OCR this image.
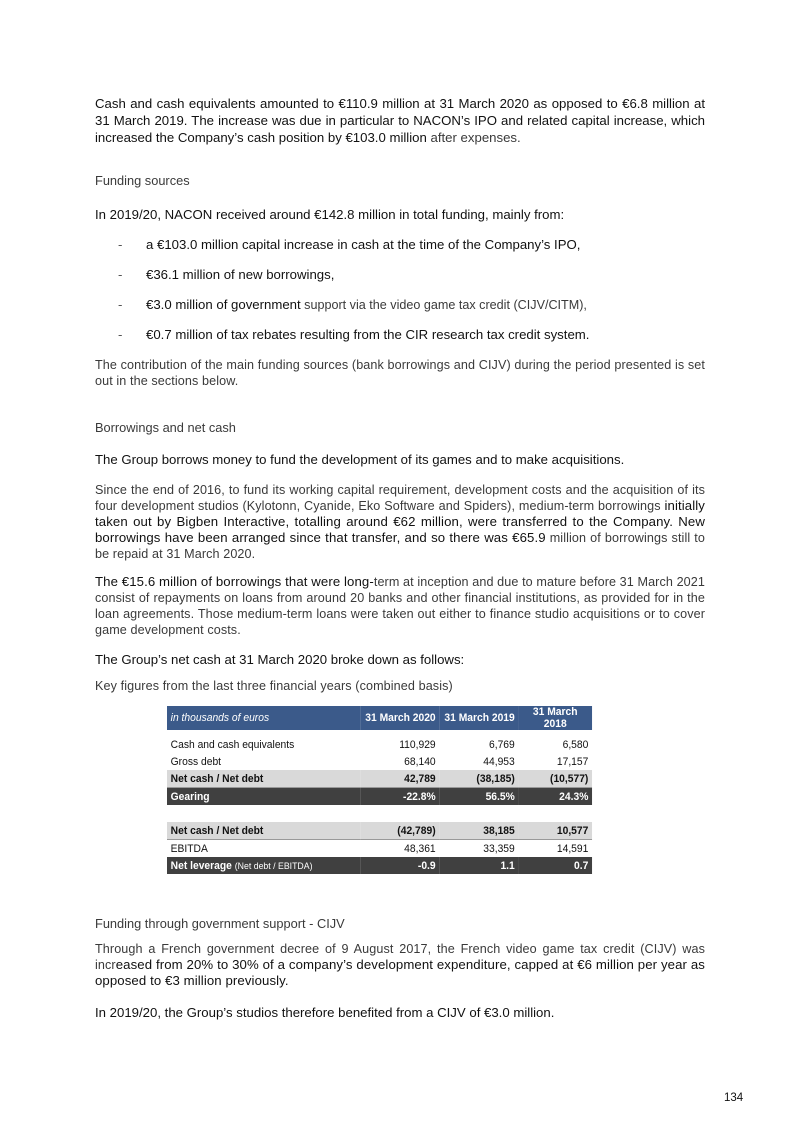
Cash and cash equivalents amounted to €110.9 million at 31 March 2020 as opposed to €6.8 million at 31 March 2019. The increase was due in particular to NACON’s IPO and related capital increase, which increased the Company’s cash position by €103.0 million after expenses.
Funding sources
In 2019/20, NACON received around €142.8 million in total funding, mainly from:
- a €103.0 million capital increase in cash at the time of the Company’s IPO,
- €36.1 million of new borrowings,
- €3.0 million of government support via the video game tax credit (CIJV/CITM),
- €0.7 million of tax rebates resulting from the CIR research tax credit system.
The contribution of the main funding sources (bank borrowings and CIJV) during the period presented is set out in the sections below.
Borrowings and net cash
The Group borrows money to fund the development of its games and to make acquisitions.
Since the end of 2016, to fund its working capital requirement, development costs and the acquisition of its four development studios (Kylotonn, Cyanide, Eko Software and Spiders), medium-term borrowings initially taken out by Bigben Interactive, totalling around €62 million, were transferred to the Company. New borrowings have been arranged since that transfer, and so there was €65.9 million of borrowings still to be repaid at 31 March 2020.
The €15.6 million of borrowings that were long-term at inception and due to mature before 31 March 2021 consist of repayments on loans from around 20 banks and other financial institutions, as provided for in the loan agreements. Those medium-term loans were taken out either to finance studio acquisitions or to cover game development costs.
The Group’s net cash at 31 March 2020 broke down as follows:
Key figures from the last three financial years (combined basis)
in thousands of euros	31 March 2020	31 March 2019	31 March 2018

Cash and cash equivalents	110,929	6,769	6,580
Gross debt	68,140	44,953	17,157
Net cash / Net debt	42,789	(38,185)	(10,577)
Gearing	-22.8%	56.5%	24.3%

Net cash / Net debt	(42,789)	38,185	10,577
EBITDA	48,361	33,359	14,591
Net leverage (Net debt / EBITDA)	-0.9	1.1	0.7
Funding through government support - CIJV
Through a French government decree of 9 August 2017, the French video game tax credit (CIJV) was increased from 20% to 30% of a company’s development expenditure, capped at €6 million per year as opposed to €3 million previously.
In 2019/20, the Group’s studios therefore benefited from a CIJV of €3.0 million.
134
